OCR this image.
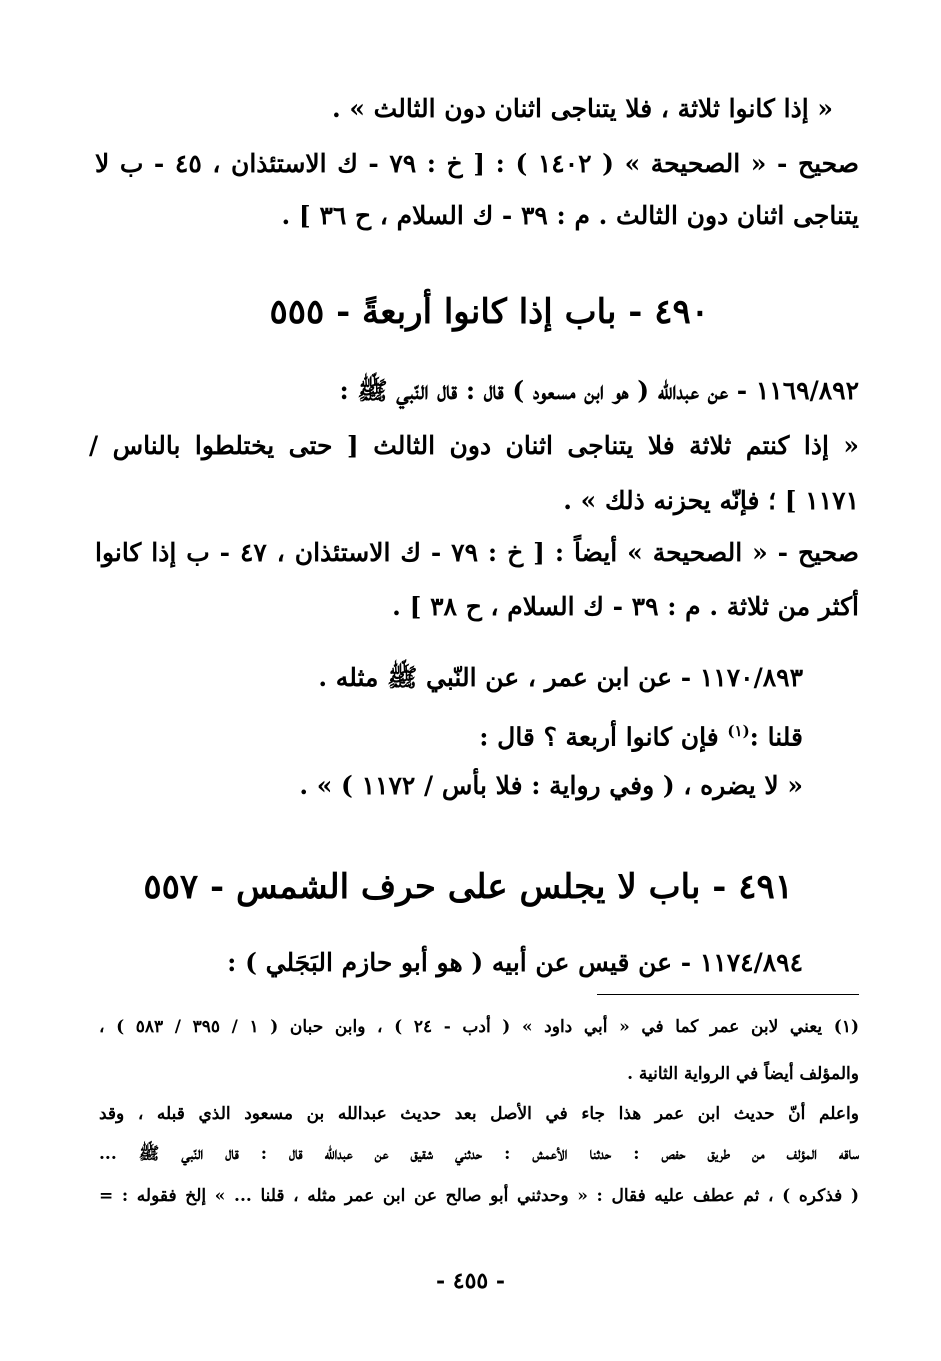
« إذا كانوا ثلاثة ، فلا يتناجى اثنان دون الثالث » .

صحيح - « الصحيحة » ( ١٤٠٢ ) : [ خ : ٧٩ - ك الاستئذان ، ٤٥ - ب لا

يتناجى اثنان دون الثالث . م : ٣٩ - ك السلام ، ح ٣٦ ] .

٤٩٠ - باب إذا كانوا أربعةً - ٥٥٥

١١٦٩/٨٩٢ - عن عبدالله ( هو ابن مسعود ) قال : قال النّبي ﷺ :

« إذا كنتم ثلاثة فلا يتناجى اثنان دون الثالث [ حتى يختلطوا بالناس /

١١٧١ ] ؛ فإنّه يحزنه ذلك » .

صحيح - « الصحيحة » أيضاً : [ خ : ٧٩ - ك الاستئذان ، ٤٧ - ب إذا كانوا

أكثر من ثلاثة . م : ٣٩ - ك السلام ، ح ٣٨ ] .

١١٧٠/٨٩٣ - عن ابن عمر ، عن النّبي ﷺ مثله .

قلنا :$^{(١)}$ فإن كانوا أربعة ؟ قال :

« لا يضره ، ( وفي رواية : فلا بأس / ١١٧٢ ) » .

٤٩١ - باب لا يجلس على حرف الشمس - ٥٥٧

١١٧٤/٨٩٤ - عن قيس عن أبيه ( هو أبو حازم البَجَلي ) :

(١) يعني لابن عمر كما في « أبي داود » ( أدب - ٢٤ ) ، وابن حبان ( ١ / ٣٩٥ / ٥٨٣ ) ،

والمؤلف أيضاً في الرواية الثانية .

واعلم أنّ حديث ابن عمر هذا جاء في الأصل بعد حديث عبدالله بن مسعود الذي قبله ، وقد

ساقه المؤلف من طريق حفص : حدثنا الأعمش : حدثني شقيق عن عبدالله قال : قال النّبي ﷺ ...

( فذكره ) ، ثم عطف عليه فقال : « وحدثني أبو صالح عن ابن عمر مثله ، قلنا ... » إلخ فقوله : =

- ٤٥٥ -
